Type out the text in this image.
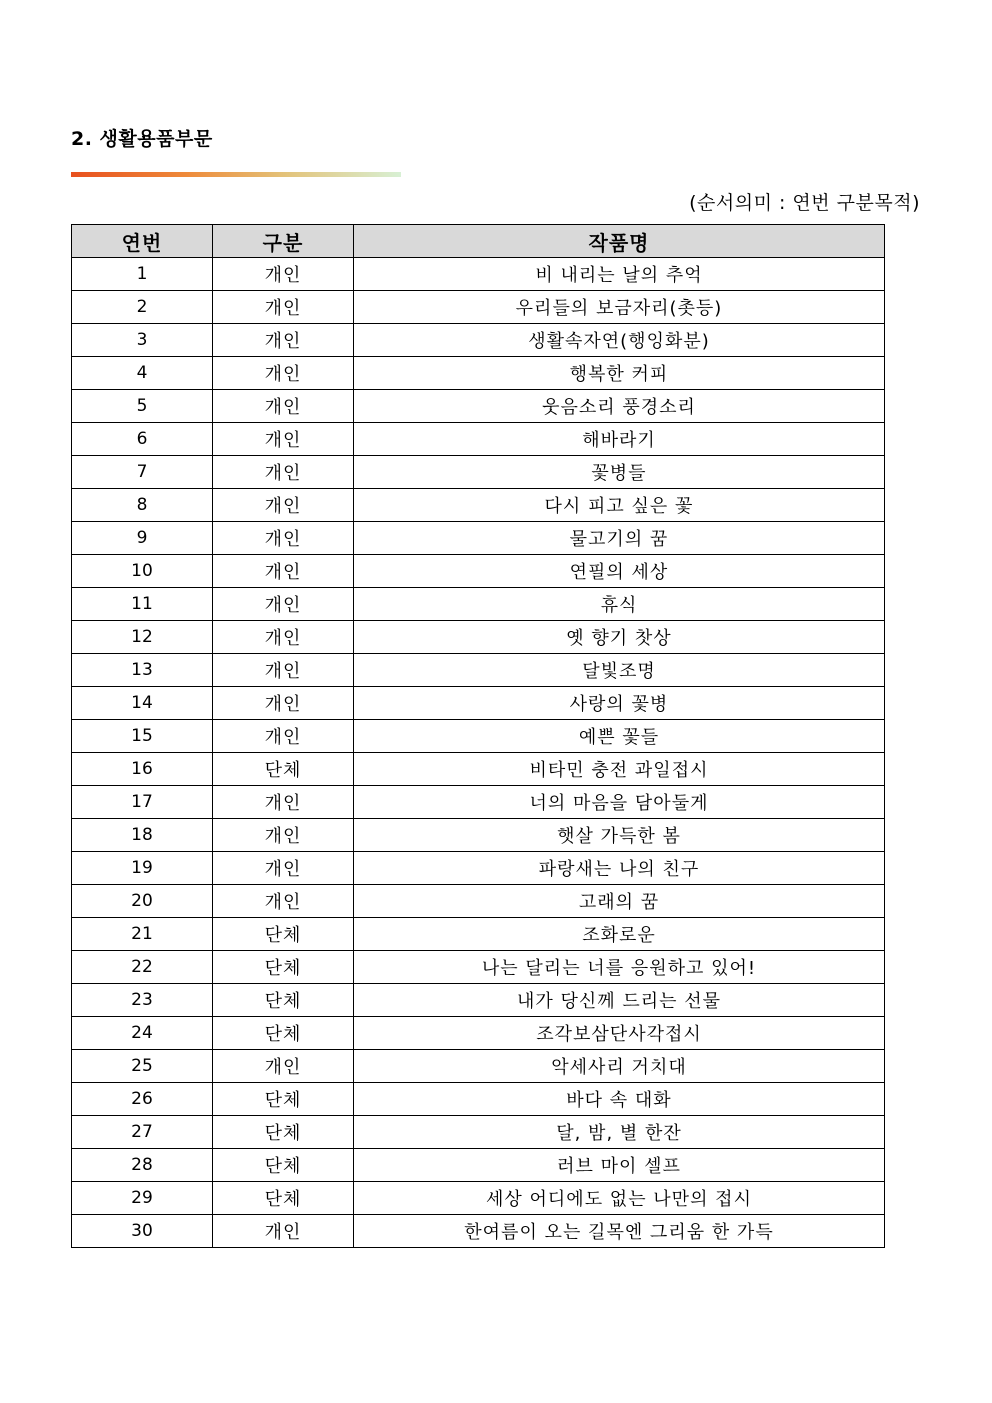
2. 생활용품부문
(순서의미 : 연번 구분목적)
연번	구분	작품명
1	개인	비 내리는 날의 추억
2	개인	우리들의 보금자리(촛등)
3	개인	생활속자연(행잉화분)
4	개인	행복한 커피
5	개인	웃음소리 풍경소리
6	개인	해바라기
7	개인	꽃병들
8	개인	다시 피고 싶은 꽃
9	개인	물고기의 꿈
10	개인	연필의 세상
11	개인	휴식
12	개인	옛 향기 찻상
13	개인	달빛조명
14	개인	사랑의 꽃병
15	개인	예쁜 꽃들
16	단체	비타민 충전 과일접시
17	개인	너의 마음을 담아둘게
18	개인	햇살 가득한 봄
19	개인	파랑새는 나의 친구
20	개인	고래의 꿈
21	단체	조화로운
22	단체	나는 달리는 너를 응원하고 있어!
23	단체	내가 당신께 드리는 선물
24	단체	조각보삼단사각접시
25	개인	악세사리 거치대
26	단체	바다 속 대화
27	단체	달, 밤, 별 한잔
28	단체	러브 마이 셀프
29	단체	세상 어디에도 없는 나만의 접시
30	개인	한여름이 오는 길목엔 그리움 한 가득
